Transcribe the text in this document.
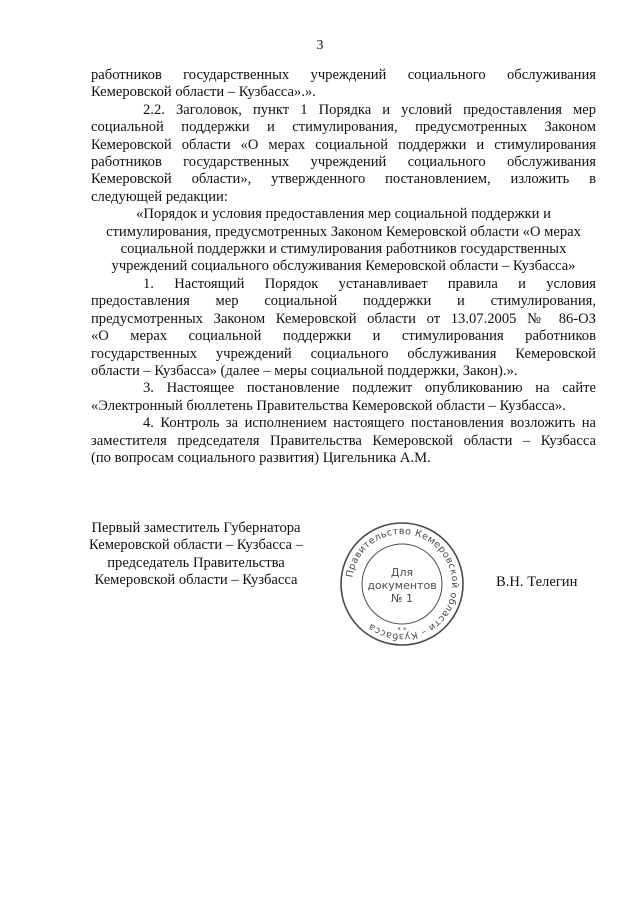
3

работников государственных учреждений социального обслуживания

Кемеровской области – Кузбасса».».

2.2. Заголовок, пункт 1 Порядка и условий предоставления мер

социальной поддержки и стимулирования, предусмотренных Законом

Кемеровской области «О мерах социальной поддержки и стимулирования

работников государственных учреждений социального обслуживания

Кемеровской области», утвержденного постановлением, изложить в

следующей редакции:

«Порядок и условия предоставления мер социальной поддержки и

стимулирования, предусмотренных Законом Кемеровской области «О мерах

социальной поддержки и стимулирования работников государственных

учреждений социального обслуживания Кемеровской области – Кузбасса»

1. Настоящий Порядок устанавливает правила и условия

предоставления мер социальной поддержки и стимулирования,

предусмотренных Законом Кемеровской области от 13.07.2005 № 86-ОЗ

«О мерах социальной поддержки и стимулирования работников

государственных учреждений социального обслуживания Кемеровской

области – Кузбасса» (далее – меры социальной поддержки, Закон).».

3. Настоящее постановление подлежит опубликованию на сайте

«Электронный бюллетень Правительства Кемеровской области – Кузбасса».

4. Контроль за исполнением настоящего постановления возложить на

заместителя председателя Правительства Кемеровской области – Кузбасса

(по вопросам социального развития) Цигельника А.М.

Первый заместитель Губернатора
Кемеровской области – Кузбасса –
председатель Правительства
Кемеровской области – Кузбасса	Правительство Кемеровской области – Кузбасса	* *
Для
документов
№ 1
В.Н. Телегин
